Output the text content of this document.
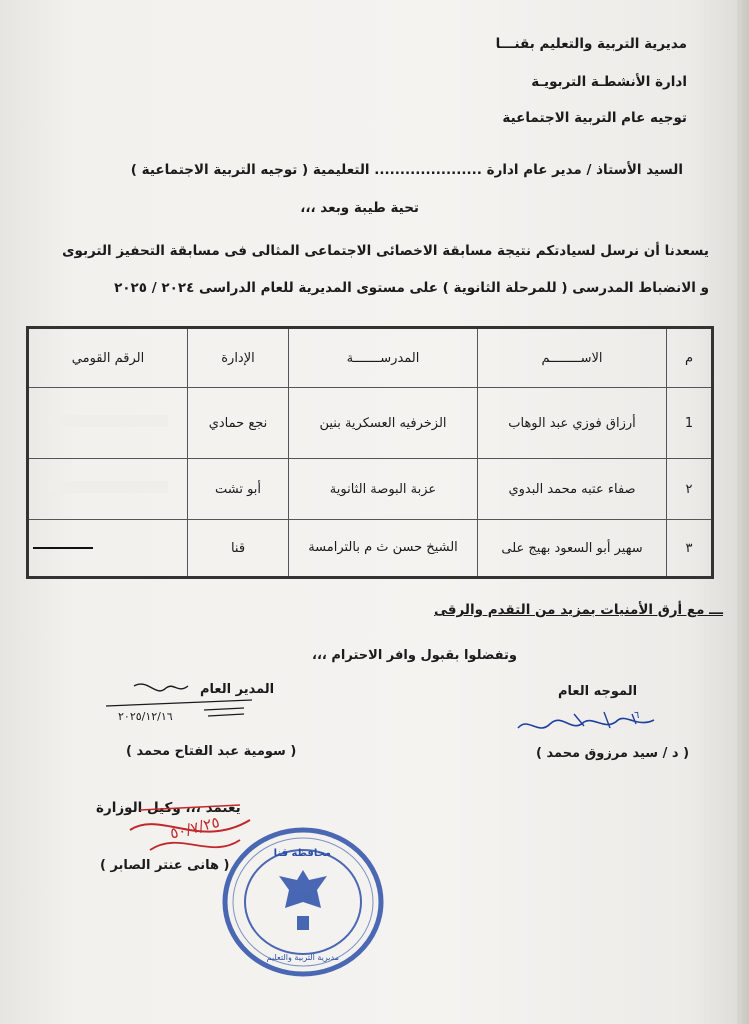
مديرية التربية والتعليم بقنـــا
ادارة الأنشطـة التربويـة
توجيه عام التربية الاجتماعية
السيد الأستاذ / مدير عام ادارة ..................... التعليمية ( توجيه التربية الاجتماعية )
تحية طيبة وبعد ،،،
يسعدنا أن نرسل لسيادتكم نتيجة مسابقة الاخصائى الاجتماعى المثالى فى مسابقة التحفيز التربوى
و الانضباط المدرسى ( للمرحلة الثانوية ) على مستوى المديرية للعام الدراسى ٢٠٢٤ / ٢٠٢٥
م	الاســــــــم	المدرســـــــة	الإدارة	الرقم القومي
1	أرزاق فوزي عبد الوهاب	الزخرفيه العسكرية بنين	نجع حمادي	
٢	صفاء عتبه محمد البدوي	عزبة البوصة الثانوية	أبو تشت	
٣	سهير أبو السعود بهيج على	الشيخ حسن ث م بالترامسة	قنا	
ـــ مع أرق الأمنيات بمزيد من التقدم والرقى
وتفضلوا بقبول وافر الاحترام ،،،
الموجه العام
٦
( د / سيد مرزوق محمد )
المدير العام
٢٠٢٥/١٢/١٦
( سومية عبد الفتاح محمد )
يعتمد ،،، وكيل الوزارة
( هانى عنتر الصابر )
٥٠/٧/٢٥
محافظة قنا
مديرية التربية والتعليم
